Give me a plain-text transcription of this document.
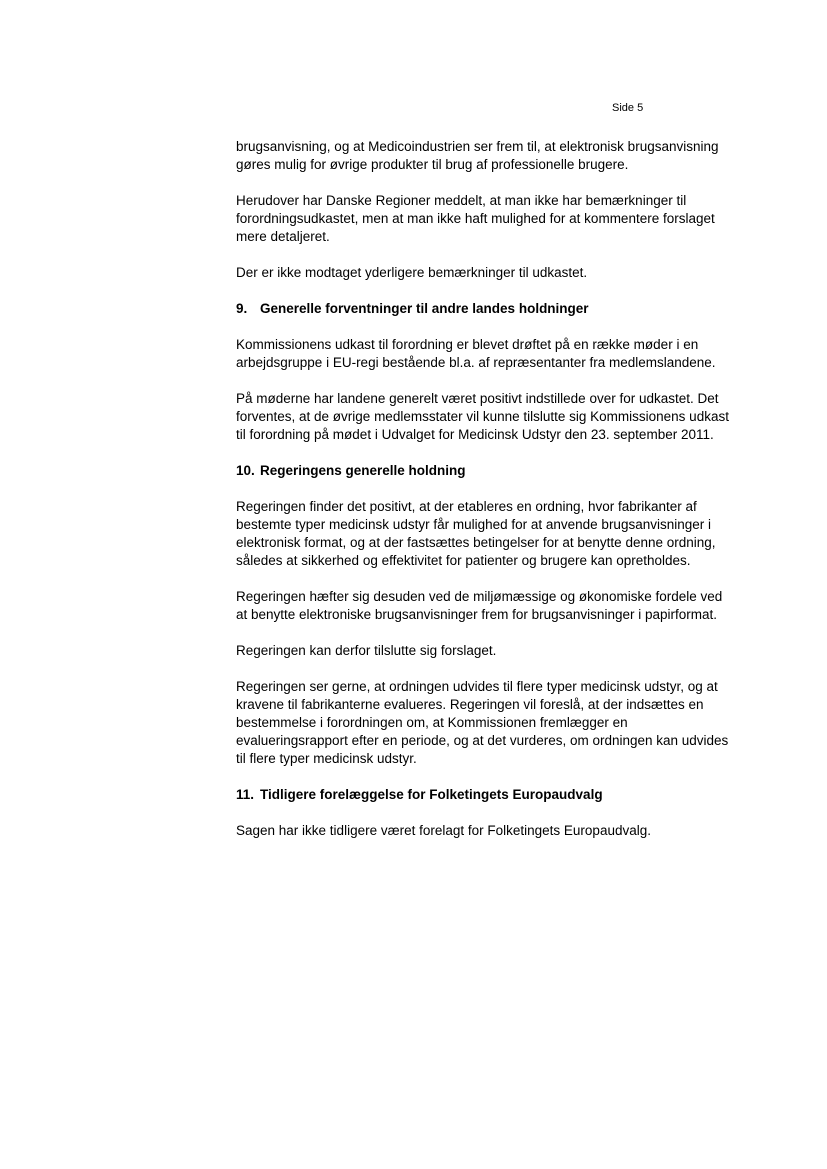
Side 5

brugsanvisning, og at Medicoindustrien ser frem til, at elektronisk brugsanvisning
gøres mulig for øvrige produkter til brug af professionelle brugere.

Herudover har Danske Regioner meddelt, at man ikke har bemærkninger til
forordningsudkastet, men at man ikke haft mulighed for at kommentere forslaget
mere detaljeret.

Der er ikke modtaget yderligere bemærkninger til udkastet.

9. Generelle forventninger til andre landes holdninger

Kommissionens udkast til forordning er blevet drøftet på en række møder i en
arbejdsgruppe i EU-regi bestående bl.a. af repræsentanter fra medlemslandene.

På møderne har landene generelt været positivt indstillede over for udkastet. Det
forventes, at de øvrige medlemsstater vil kunne tilslutte sig Kommissionens udkast
til forordning på mødet i Udvalget for Medicinsk Udstyr den 23. september 2011.

10. Regeringens generelle holdning

Regeringen finder det positivt, at der etableres en ordning, hvor fabrikanter af
bestemte typer medicinsk udstyr får mulighed for at anvende brugsanvisninger i
elektronisk format, og at der fastsættes betingelser for at benytte denne ordning,
således at sikkerhed og effektivitet for patienter og brugere kan opretholdes.

Regeringen hæfter sig desuden ved de miljømæssige og økonomiske fordele ved
at benytte elektroniske brugsanvisninger frem for brugsanvisninger i papirformat.

Regeringen kan derfor tilslutte sig forslaget.

Regeringen ser gerne, at ordningen udvides til flere typer medicinsk udstyr, og at
kravene til fabrikanterne evalueres. Regeringen vil foreslå, at der indsættes en
bestemmelse i forordningen om, at Kommissionen fremlægger en
evalueringsrapport efter en periode, og at det vurderes, om ordningen kan udvides
til flere typer medicinsk udstyr.

11. Tidligere forelæggelse for Folketingets Europaudvalg

Sagen har ikke tidligere været forelagt for Folketingets Europaudvalg.
